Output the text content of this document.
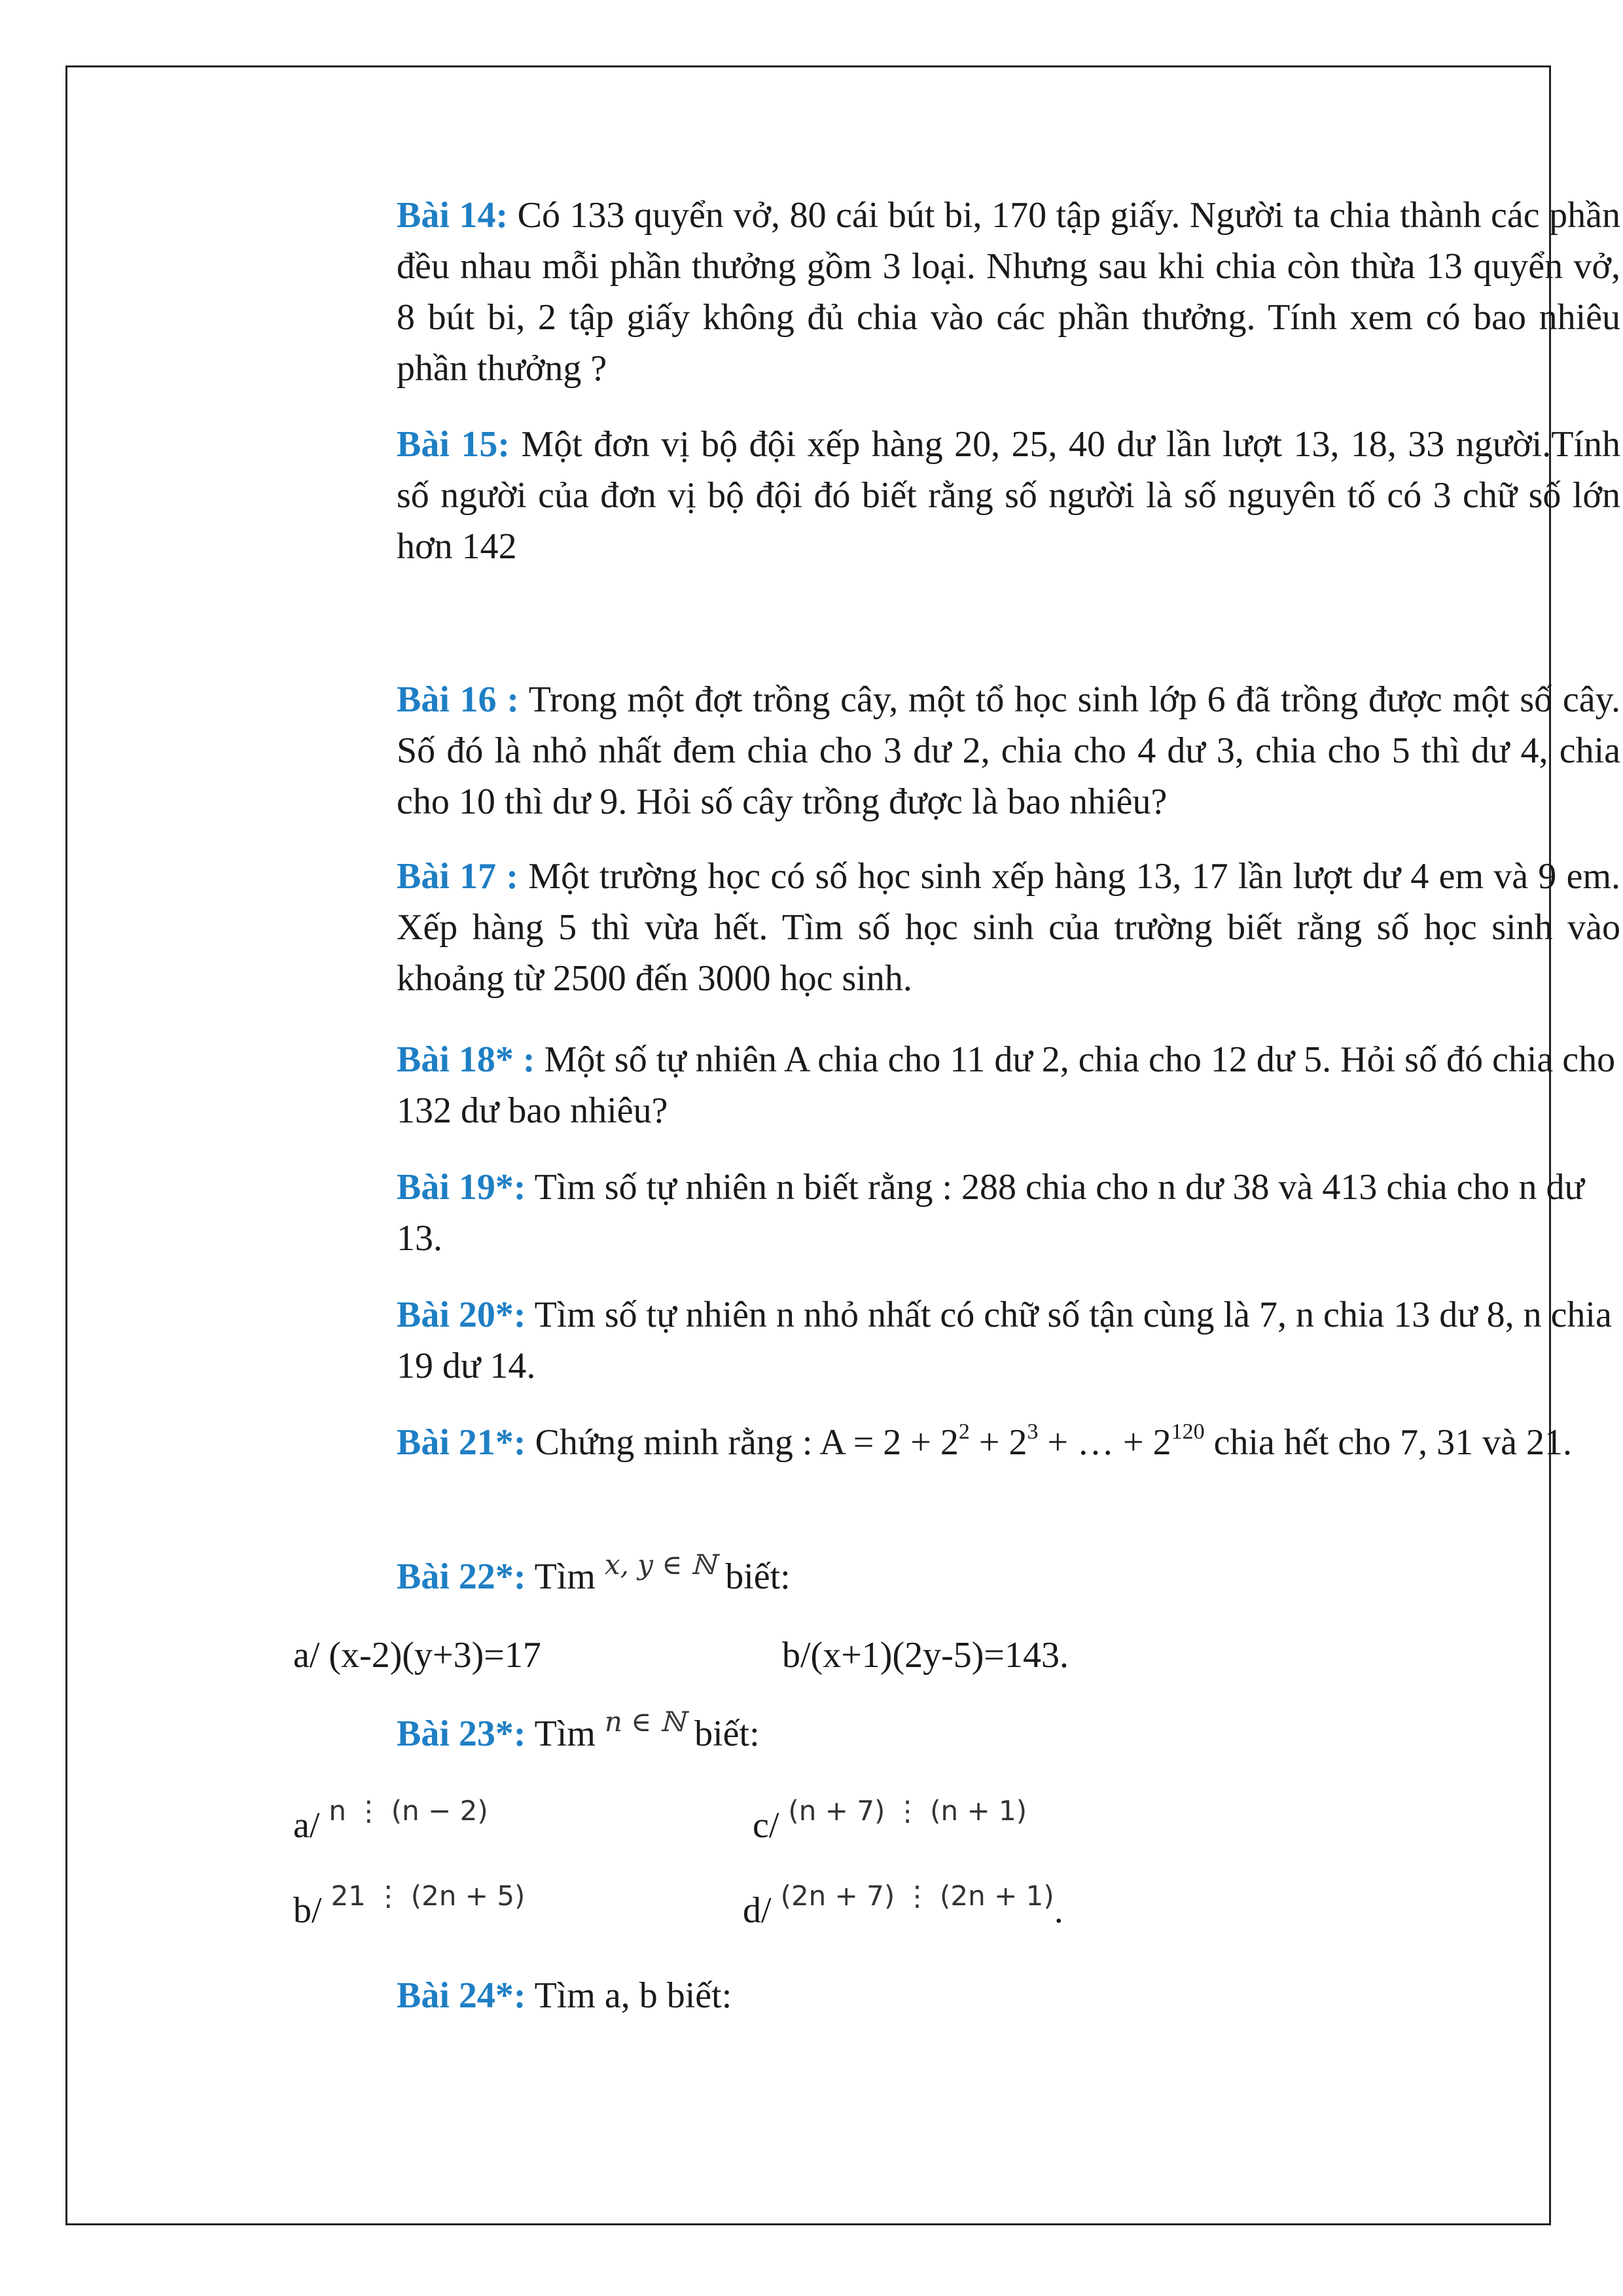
Bài 14: Có 133 quyển vở, 80 cái bút bi, 170 tập giấy. Người ta chia thành các phần đều nhau mỗi phần thưởng gồm 3 loại. Nhưng sau khi chia còn thừa 13 quyển vở, 8 bút bi, 2 tập giấy không đủ chia vào các phần thưởng. Tính xem có bao nhiêu phần thưởng ?

Bài 15: Một đơn vị bộ đội xếp hàng 20, 25, 40 dư lần lượt 13, 18, 33 người.Tính số người của đơn vị bộ đội đó biết rằng số người là số nguyên tố có 3 chữ số lớn hơn 142

Bài 16 : Trong một đợt trồng cây, một tổ học sinh lớp 6 đã trồng được một số cây. Số đó là nhỏ nhất đem chia cho 3 dư 2, chia cho 4 dư 3, chia cho 5 thì dư 4, chia cho 10 thì dư 9. Hỏi số cây trồng được là bao nhiêu?

Bài 17 : Một trường học có số học sinh xếp hàng 13, 17 lần lượt dư 4 em và 9 em. Xếp hàng 5 thì vừa hết. Tìm số học sinh của trường biết rằng số học sinh vào khoảng từ 2500 đến 3000 học sinh.

Bài 18* : Một số tự nhiên A chia cho 11 dư 2, chia cho 12 dư 5. Hỏi số đó chia cho 132 dư bao nhiêu?

Bài 19*: Tìm số tự nhiên n biết rằng : 288 chia cho n dư 38 và 413 chia cho n dư 13.

Bài 20*: Tìm số tự nhiên n nhỏ nhất có chữ số tận cùng là 7, n chia 13 dư 8, n chia 19 dư 14.

Bài 21*: Chứng minh rằng : $A = 2 + 2^2 + 2^3$ + … + $2^{120}$ chia hết cho 7, 31 và 21.

Bài 22*: Tìm $^{x, y \in ℕ}$ biết:

Bài 23*: Tìm $^{n \in ℕ}$ biết:

Bài 24*: Tìm a, b biết:

a/ (x-2)(y+3)=17	b/(x+1)(2y-5)=143.
a/ $^{n ⋮ (n - 2)}$	c/ $^{(n + 7) ⋮ (n + 1)}$
b/ $^{21 ⋮ (2n + 5)}$	d/ $^{(2n + 7) ⋮ (2n + 1)}$.
